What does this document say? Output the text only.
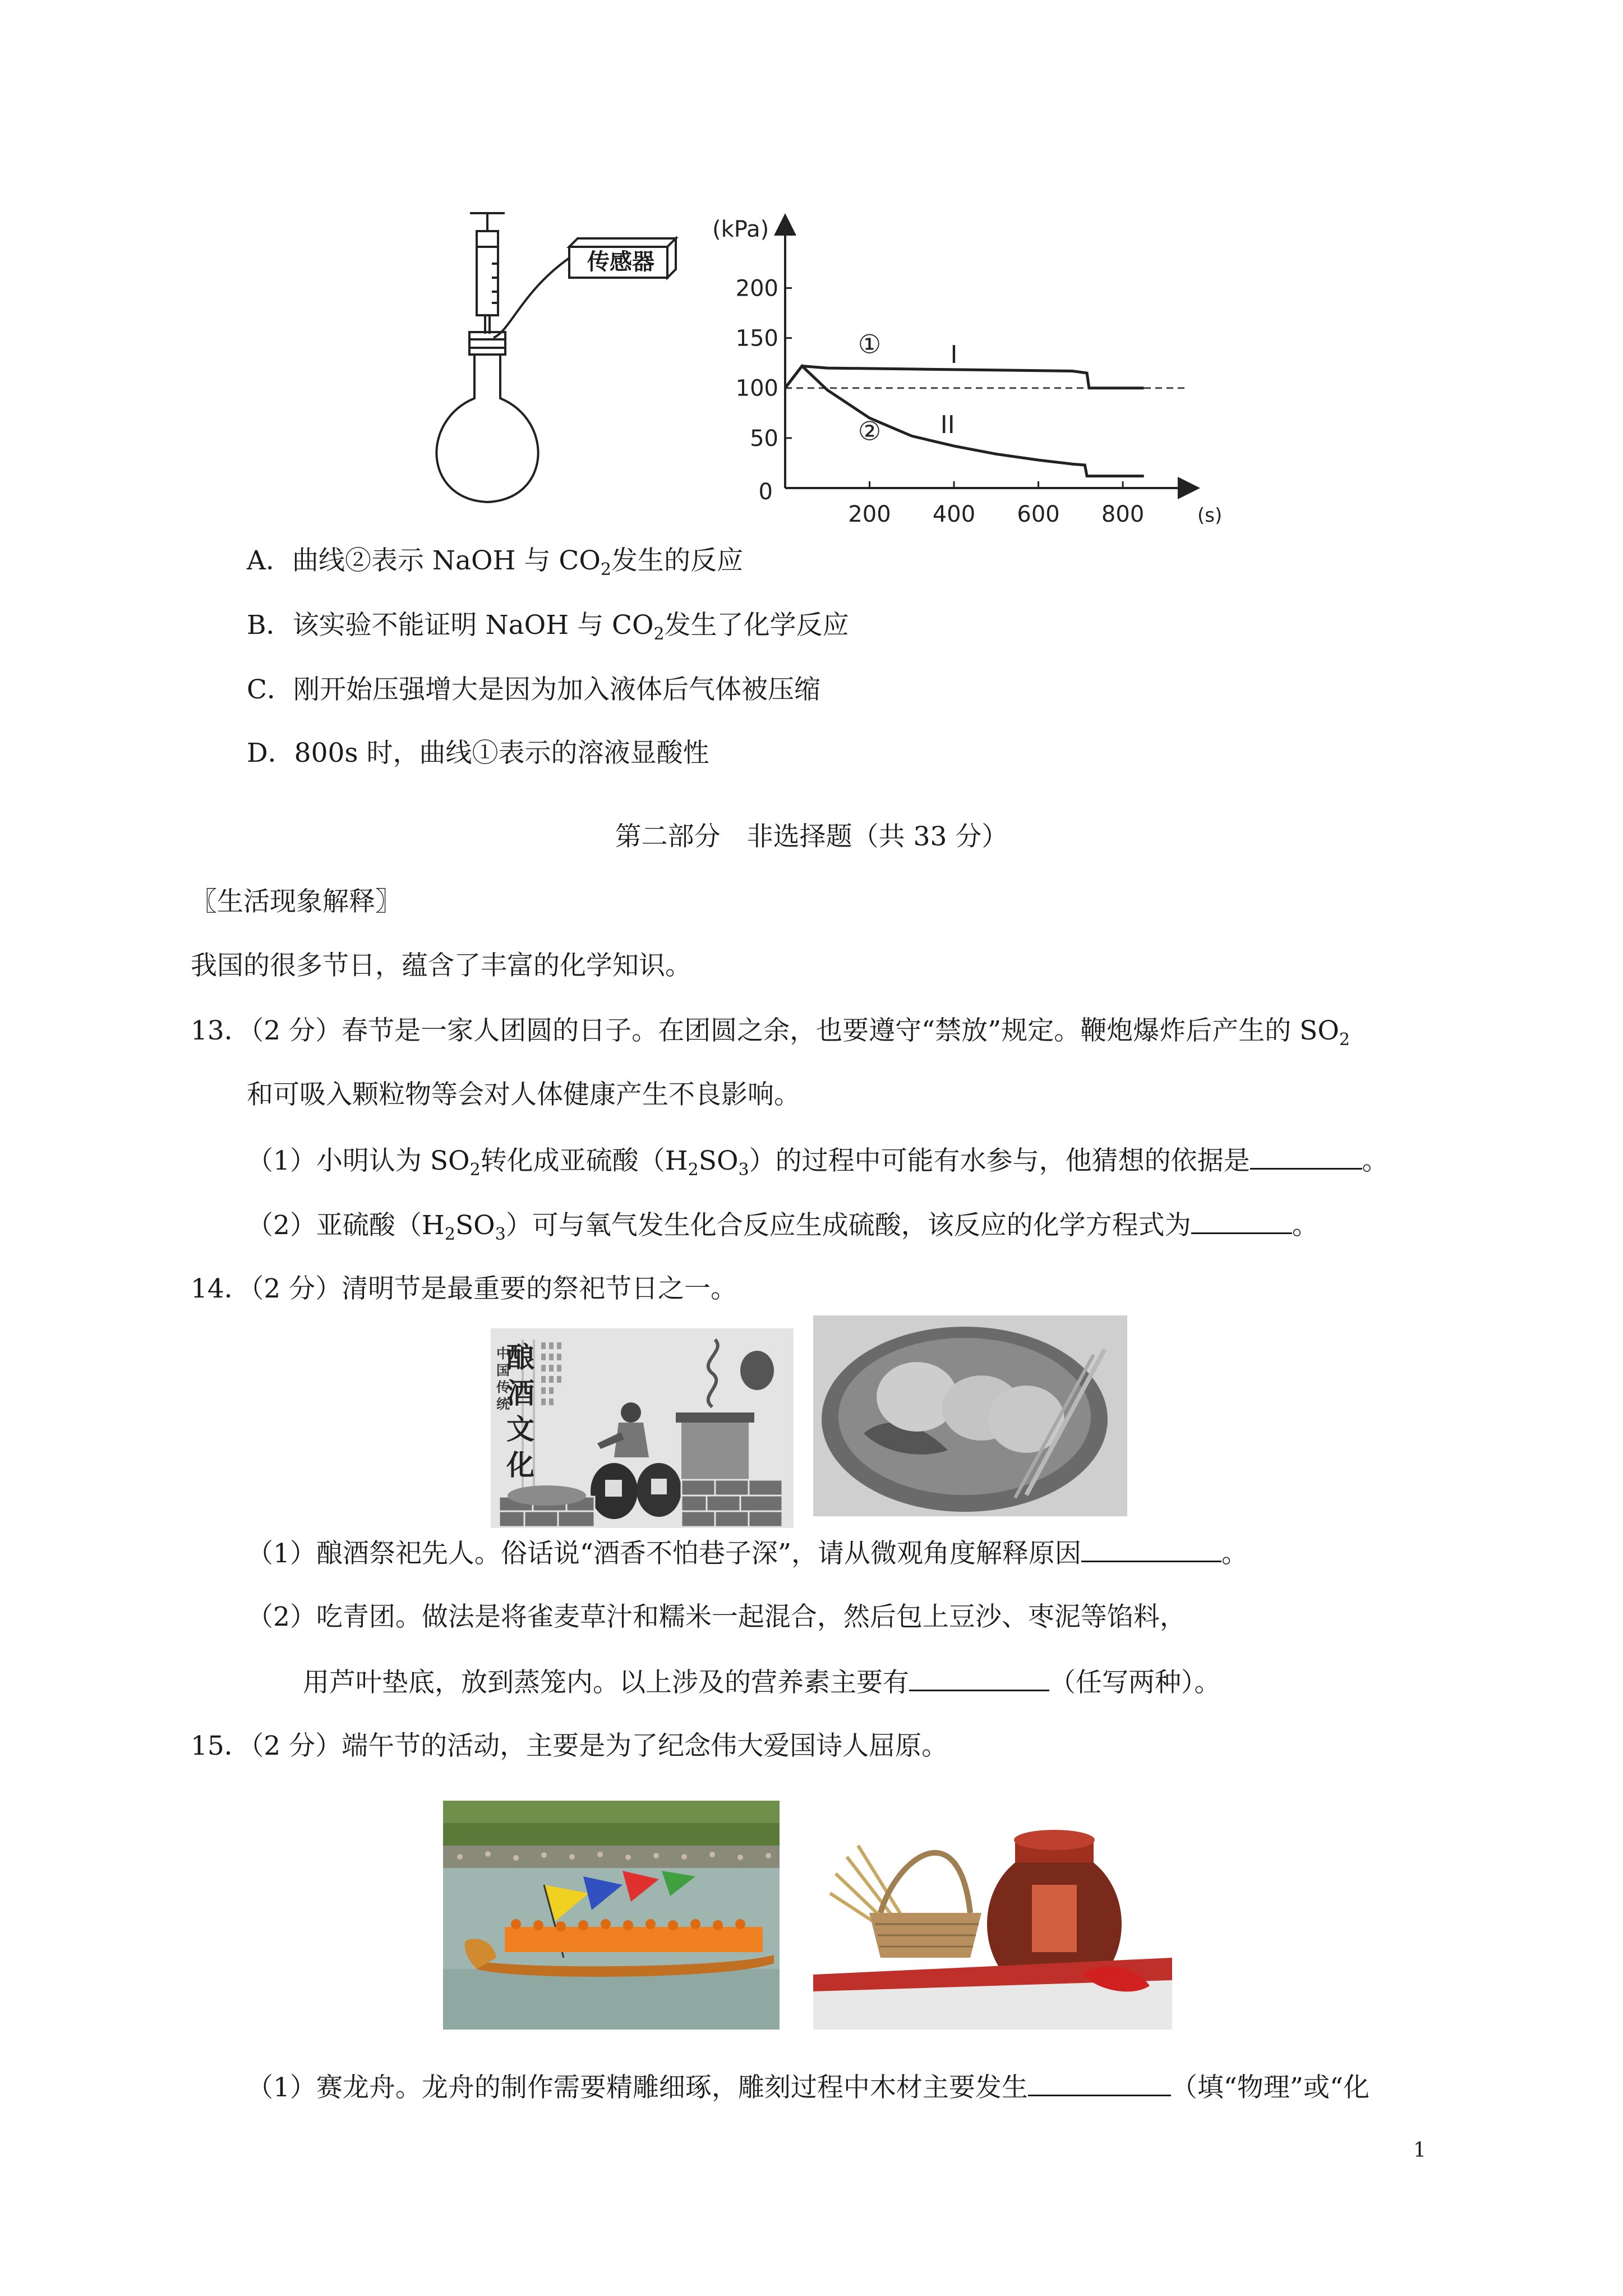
传感器
(kPa)
(s)
0
50
100
150
200
200 400 600 800
①	I
② II
A．曲线②表示 NaOH 与 $CO_2$发生的反应
B．该实验不能证明 NaOH 与 $CO_2$发生了化学反应
C．刚开始压强增大是因为加入液体后气体被压缩
D．800s 时，曲线①表示的溶液显酸性
第二部分　非选择题（共 33 分）
〖生活现象解释〗
我国的很多节日，蕴含了丰富的化学知识。
13．（2 分）春节是一家人团圆的日子。在团圆之余，也要遵守“禁放”规定。鞭炮爆炸后产生的 $SO_2$
和可吸入颗粒物等会对人体健康产生不良影响。
（1）小明认为 $SO_2$转化成亚硫酸$(H_2SO_3)$的过程中可能有水参与，他猜想的依据是	。
（2）亚硫酸$(H_2SO_3)$可与氧气发生化合反应生成硫酸，该反应的化学方程式为	。
14．（2 分）清明节是最重要的祭祀节日之一。
中国传统
酿酒文化
（1）酿酒祭祀先人。俗话说“酒香不怕巷子深”，请从微观角度解释原因	。
（2）吃青团。做法是将雀麦草汁和糯米一起混合，然后包上豆沙、枣泥等馅料，
用芦叶垫底，放到蒸笼内。以上涉及的营养素主要有	（任写两种）。
15．（2 分）端午节的活动，主要是为了纪念伟大爱国诗人屈原。
（1）赛龙舟。龙舟的制作需要精雕细琢，雕刻过程中木材主要发生	（填“物理”或“化
1
